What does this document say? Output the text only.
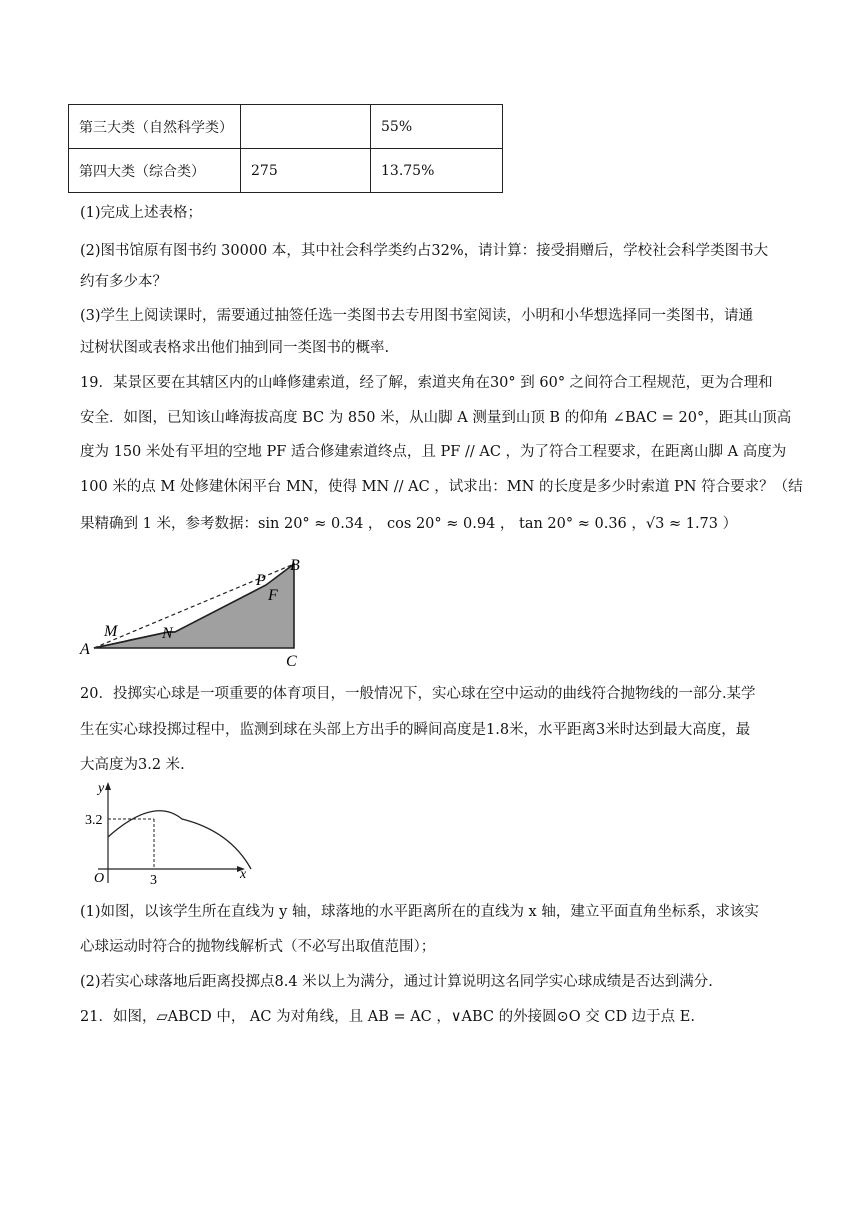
第三大类（自然科学类）		55%
第四大类（综合类）	275	13.75%
(1)完成上述表格；
(2)图书馆原有图书约 30000 本，其中社会科学类约占32%，请计算：接受捐赠后，学校社会科学类图书大
约有多少本？
(3)学生上阅读课时，需要通过抽签任选一类图书去专用图书室阅读，小明和小华想选择同一类图书，请通
过树状图或表格求出他们抽到同一类图书的概率.
19．某景区要在其辖区内的山峰修建索道，经了解，索道夹角在30° 到 60° 之间符合工程规范，更为合理和
安全．如图，已知该山峰海拔高度 BC 为 850 米，从山脚 A 测量到山顶 B 的仰角 ∠BAC = 20°，距其山顶高
度为 150 米处有平坦的空地 PF 适合修建索道终点，且 PF // AC ，为了符合工程要求，在距离山脚 A 高度为
100 米的点 M 处修建休闲平台 MN，使得 MN // AC ，试求出：MN 的长度是多少时索道 PN 符合要求？（结
果精确到 1 米，参考数据：sin 20° ≈ 0.34 ， cos 20° ≈ 0.94 ， tan 20° ≈ 0.36 ，√3 ≈ 1.73 ）
A
M	N
P
F
B
C
20．投掷实心球是一项重要的体育项目，一般情况下，实心球在空中运动的曲线符合抛物线的一部分.某学
生在实心球投掷过程中，监测到球在头部上方出手的瞬间高度是1.8米，水平距离3米时达到最大高度，最
大高度为3.2 米.
y
x
O
3.2
3
(1)如图，以该学生所在直线为 y 轴，球落地的水平距离所在的直线为 x 轴，建立平面直角坐标系，求该实
心球运动时符合的抛物线解析式（不必写出取值范围）；
(2)若实心球落地后距离投掷点8.4 米以上为满分，通过计算说明这名同学实心球成绩是否达到满分.
21．如图，▱ABCD 中， AC 为对角线，且 AB = AC ，∨ABC 的外接圆⊙O 交 CD 边于点 E.
